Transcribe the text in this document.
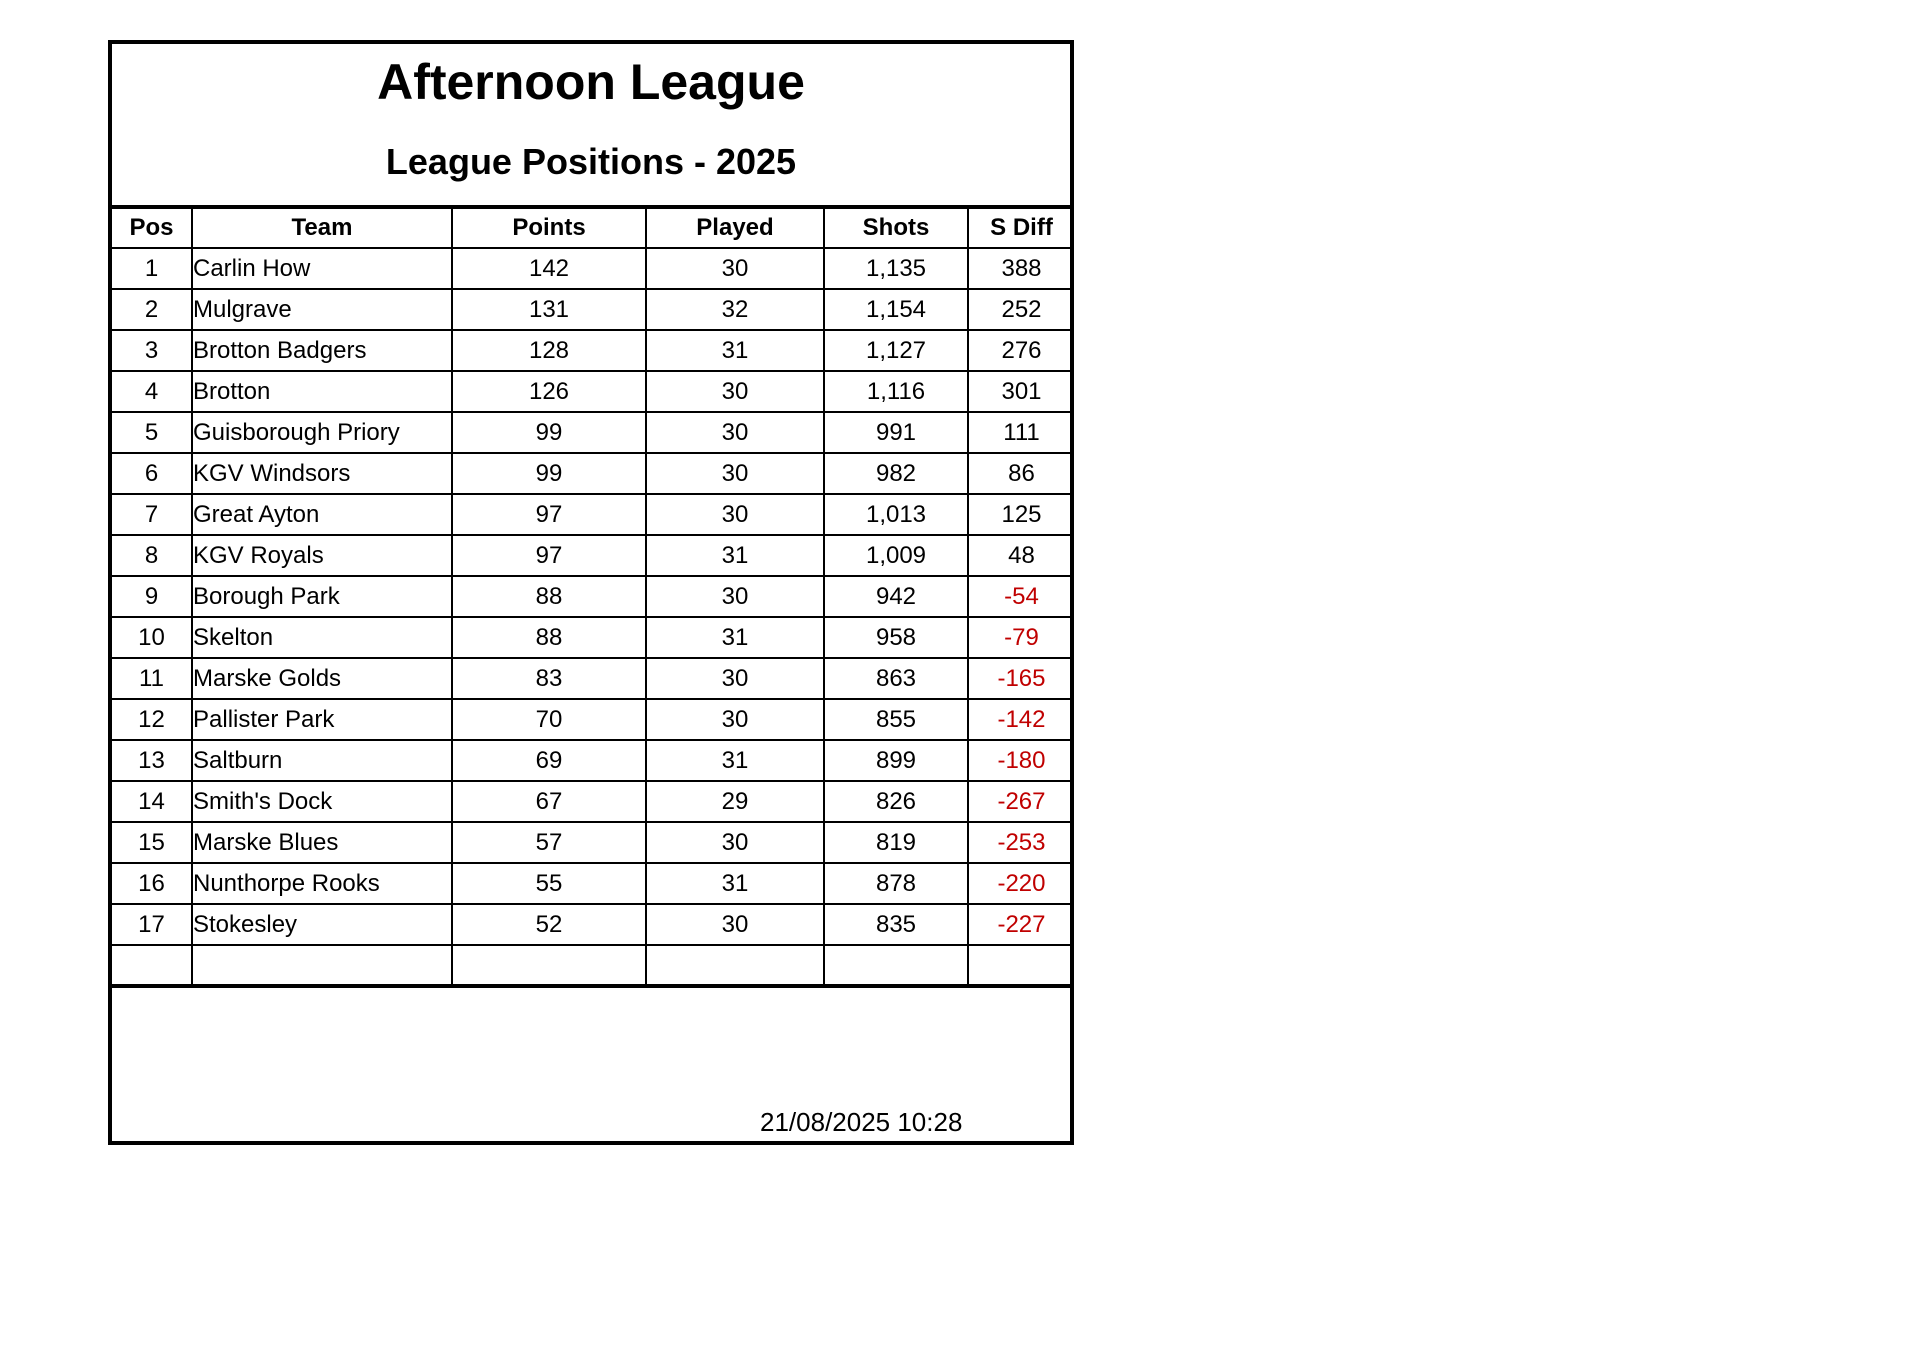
Afternoon League
League Positions - 2025
Pos	Team	Points	Played	Shots	S Diff
1	Carlin How	142	30	1,135	388
2	Mulgrave	131	32	1,154	252
3	Brotton Badgers	128	31	1,127	276
4	Brotton	126	30	1,116	301
5	Guisborough Priory	99	30	991	111
6	KGV Windsors	99	30	982	86
7	Great Ayton	97	30	1,013	125
8	KGV Royals	97	31	1,009	48
9	Borough Park	88	30	942	-54
10	Skelton	88	31	958	-79
11	Marske Golds	83	30	863	-165
12	Pallister Park	70	30	855	-142
13	Saltburn	69	31	899	-180
14	Smith's Dock	67	29	826	-267
15	Marske Blues	57	30	819	-253
16	Nunthorpe Rooks	55	31	878	-220
17	Stokesley	52	30	835	-227

21/08/2025 10:28
